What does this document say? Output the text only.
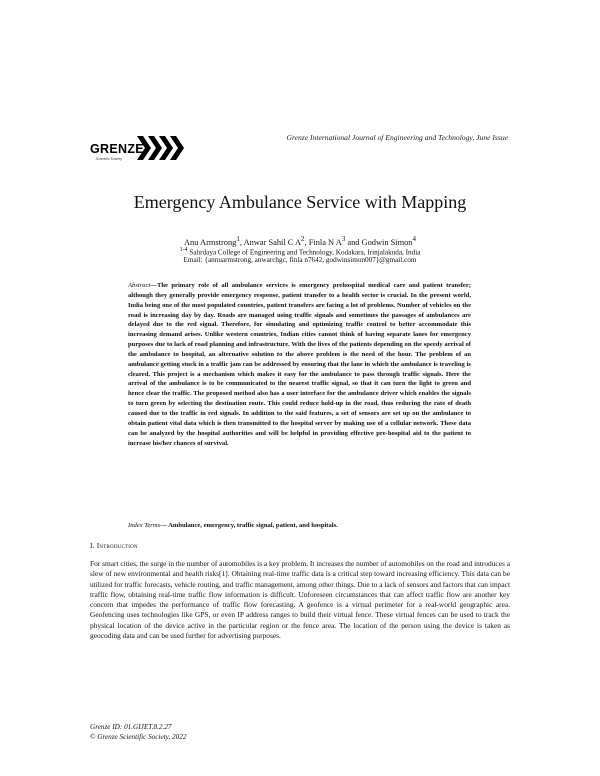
Grenze International Journal of Engineering and Technology, June Issue
GRENZE
Scientific Society
Emergency Ambulance Service with Mapping
Anu Armstrong$^1$, Anwar Sahil C $A^2$, Finla N $A^3$ and Godwin Simon$^4$
$^{1-4}$ Sahrdaya College of Engineering and Technology, Kodakara, Irinjalakuda, India
Email: {annuarmstrong, anwarchgc, finla n7642, godwinsimon007}@gmail.com
Abstract—The primary role of all ambulance services is emergency prehospital medical care and patient transfer; although they generally provide emergency response, patient transfer to a health sector is crucial. In the present world, India being one of the most populated countries, patient transfers are facing a lot of problems. Number of vehicles on the road is increasing day by day. Roads are managed using traffic signals and sometimes the passages of ambulances are delayed due to the red signal. Therefore, for simulating and optimizing traffic control to better accommodate this increasing demand arises. Unlike western countries, Indian cities cannot think of having separate lanes for emergency purposes due to lack of road planning and infrastructure. With the lives of the patients depending on the speedy arrival of the ambulance to hospital, an alternative solution to the above problem is the need of the hour. The problem of an ambulance getting stuck in a traffic jam can be addressed by ensuring that the lane in which the ambulance is traveling is cleared. This project is a mechanism which makes it easy for the ambulance to pass through traffic signals. Here the arrival of the ambulance is to be communicated to the nearest traffic signal, so that it can turn the light to green and hence clear the traffic. The proposed method also has a user interface for the ambulance driver which enables the signals to turn green by selecting the destination route. This could reduce hold-up in the road, thus reducing the rate of death caused due to the traffic in red signals. In addition to the said features, a set of sensors are set up on the ambulance to obtain patient vital data which is then transmitted to the hospital server by making use of a cellular network. These data can be analyzed by the hospital authorities and will be helpful in providing effective pre-hospital aid to the patient to increase his/her chances of survival.
Index Terms— Ambulance, emergency, traffic signal, patient, and hospitals.
I. Introduction
For smart cities, the surge in the number of automobiles is a key problem. It increases the number of automobiles on the road and introduces a slew of new environmental and health risks[1]. Obtaining real-time traffic data is a critical step toward increasing efficiency. This data can be utilized for traffic forecasts, vehicle routing, and traffic management, among other things. Due to a lack of sensors and factors that can impact traffic flow, obtaining real-time traffic flow information is difficult. Unforeseen circumstances that can affect traffic flow are another key concern that impedes the performance of traffic flow forecasting. A geofence is a virtual perimeter for a real-world geographic area. Geofencing uses technologies like GPS, or even IP address ranges to build their virtual fence. These virtual fences can be used to track the physical location of the device active in the particular region or the fence area. The location of the person using the device is taken as geocoding data and can be used further for advertising purposes.
Grenze ID: 01.GIJET.8.2.27
© Grenze Scientific Society, 2022
